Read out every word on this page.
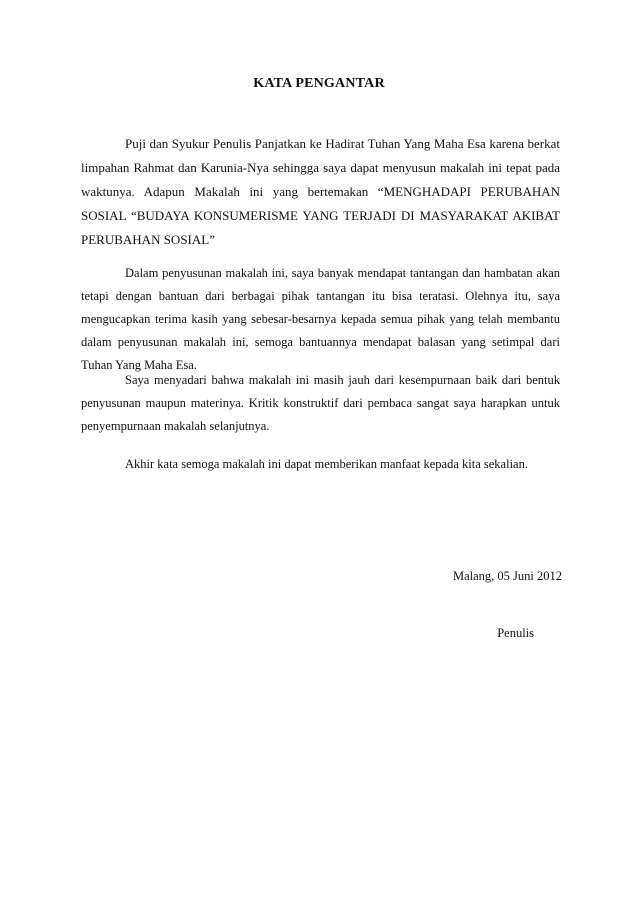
KATA PENGANTAR

Puji dan Syukur Penulis Panjatkan ke Hadirat Tuhan Yang Maha Esa karena berkat limpahan Rahmat dan Karunia-Nya sehingga saya dapat menyusun makalah ini tepat pada waktunya. Adapun Makalah ini yang bertemakan “MENGHADAPI PERUBAHAN SOSIAL “BUDAYA KONSUMERISME YANG TERJADI DI MASYARAKAT AKIBAT PERUBAHAN SOSIAL”

Dalam penyusunan makalah ini, saya banyak mendapat tantangan dan hambatan akan tetapi dengan bantuan dari berbagai pihak tantangan itu bisa teratasi. Olehnya itu, saya mengucapkan terima kasih yang sebesar-besarnya kepada semua pihak yang telah membantu dalam penyusunan makalah ini, semoga bantuannya mendapat balasan yang setimpal dari Tuhan Yang Maha Esa.

Saya menyadari bahwa makalah ini masih jauh dari kesempurnaan baik dari bentuk penyusunan maupun materinya. Kritik konstruktif dari pembaca sangat saya harapkan untuk penyempurnaan makalah selanjutnya.

Akhir kata semoga makalah ini dapat memberikan manfaat kepada kita sekalian.

Malang, 05 Juni 2012
Penulis
